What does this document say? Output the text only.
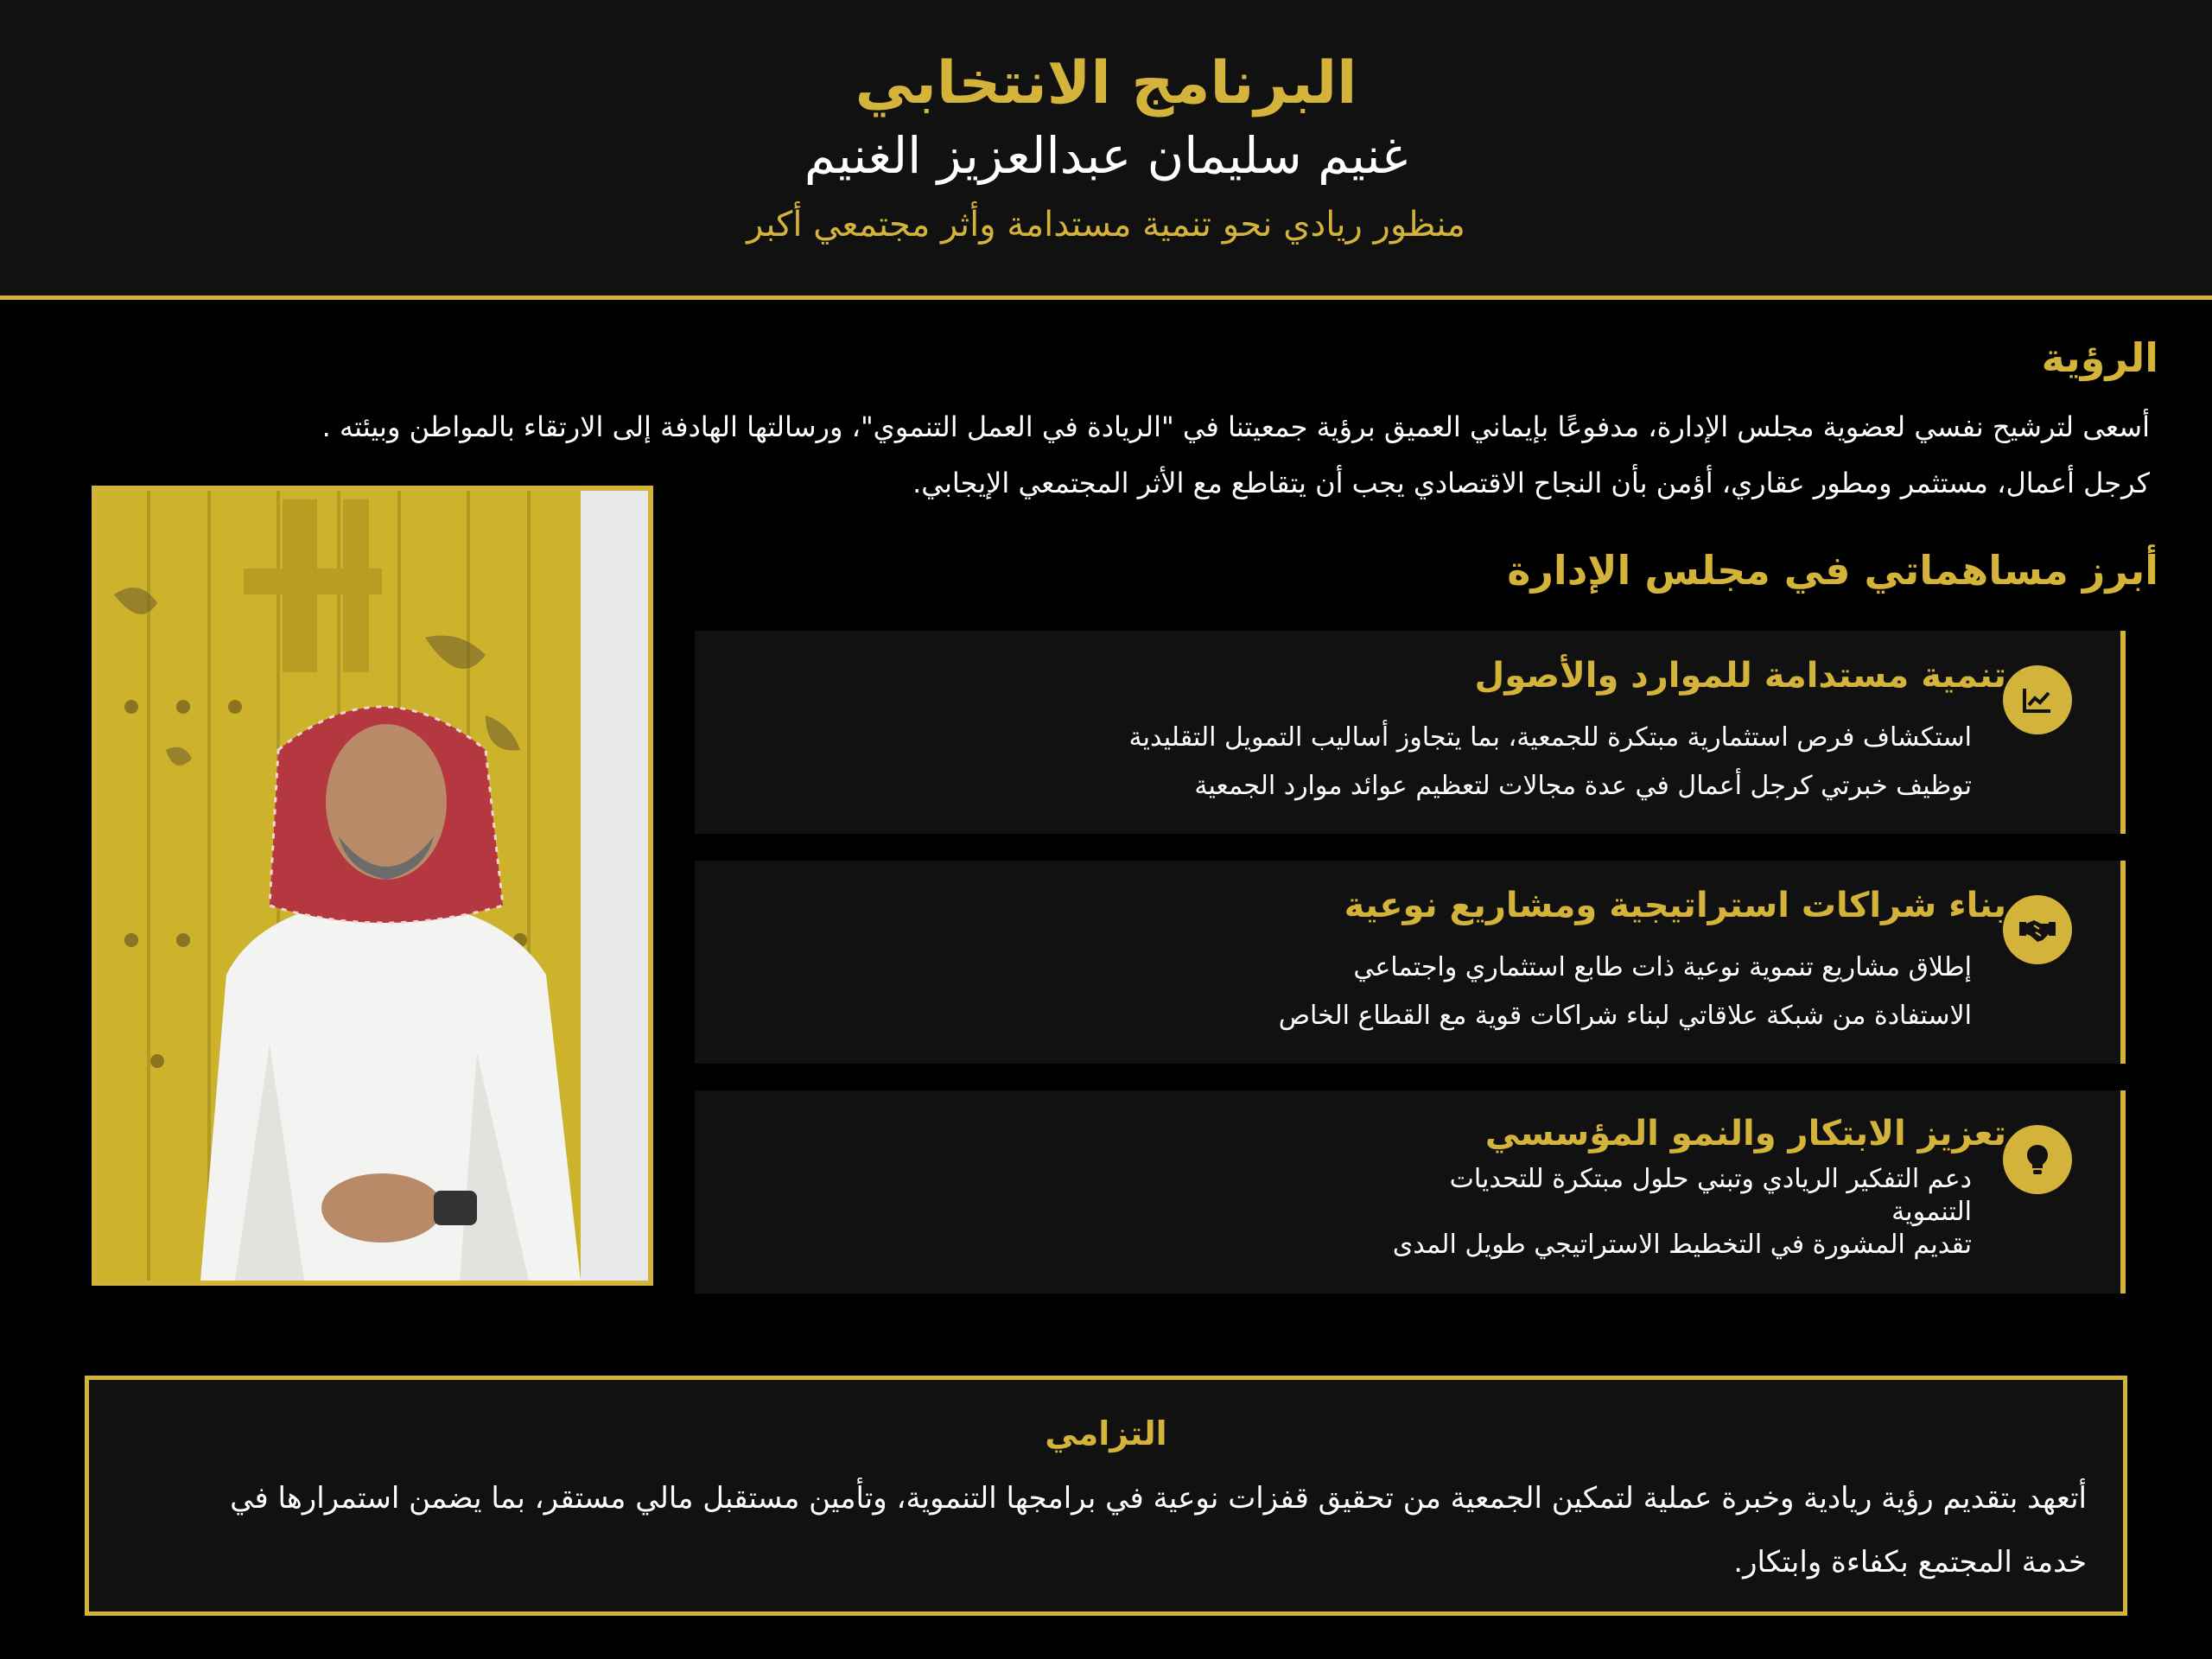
البرنامج الانتخابي
غنيم سليمان عبدالعزيز الغنيم
منظور ريادي نحو تنمية مستدامة وأثر مجتمعي أكبر
الرؤية

أسعى لترشيح نفسي لعضوية مجلس الإدارة، مدفوعًا بإيماني العميق برؤية جمعيتنا في "الريادة في العمل التنموي"، ورسالتها الهادفة إلى الارتقاء بالمواطن وبيئته .

كرجل أعمال، مستثمر ومطور عقاري، أؤمن بأن النجاح الاقتصادي يجب أن يتقاطع مع الأثر المجتمعي الإيجابي.

أبرز مساهماتي في مجلس الإدارة
تنمية مستدامة للموارد والأصول
استكشاف فرص استثمارية مبتكرة للجمعية، بما يتجاوز أساليب التمويل التقليدية
توظيف خبرتي كرجل أعمال في عدة مجالات لتعظيم عوائد موارد الجمعية
بناء شراكات استراتيجية ومشاريع نوعية
إطلاق مشاريع تنموية نوعية ذات طابع استثماري واجتماعي
الاستفادة من شبكة علاقاتي لبناء شراكات قوية مع القطاع الخاص
تعزيز الابتكار والنمو المؤسسي
دعم التفكير الريادي وتبني حلول مبتكرة للتحديات
التنموية
تقديم المشورة في التخطيط الاستراتيجي طويل المدى
التزامي

أتعهد بتقديم رؤية ريادية وخبرة عملية لتمكين الجمعية من تحقيق قفزات نوعية في برامجها التنموية، وتأمين مستقبل مالي مستقر، بما يضمن استمرارها في

خدمة المجتمع بكفاءة وابتكار.
